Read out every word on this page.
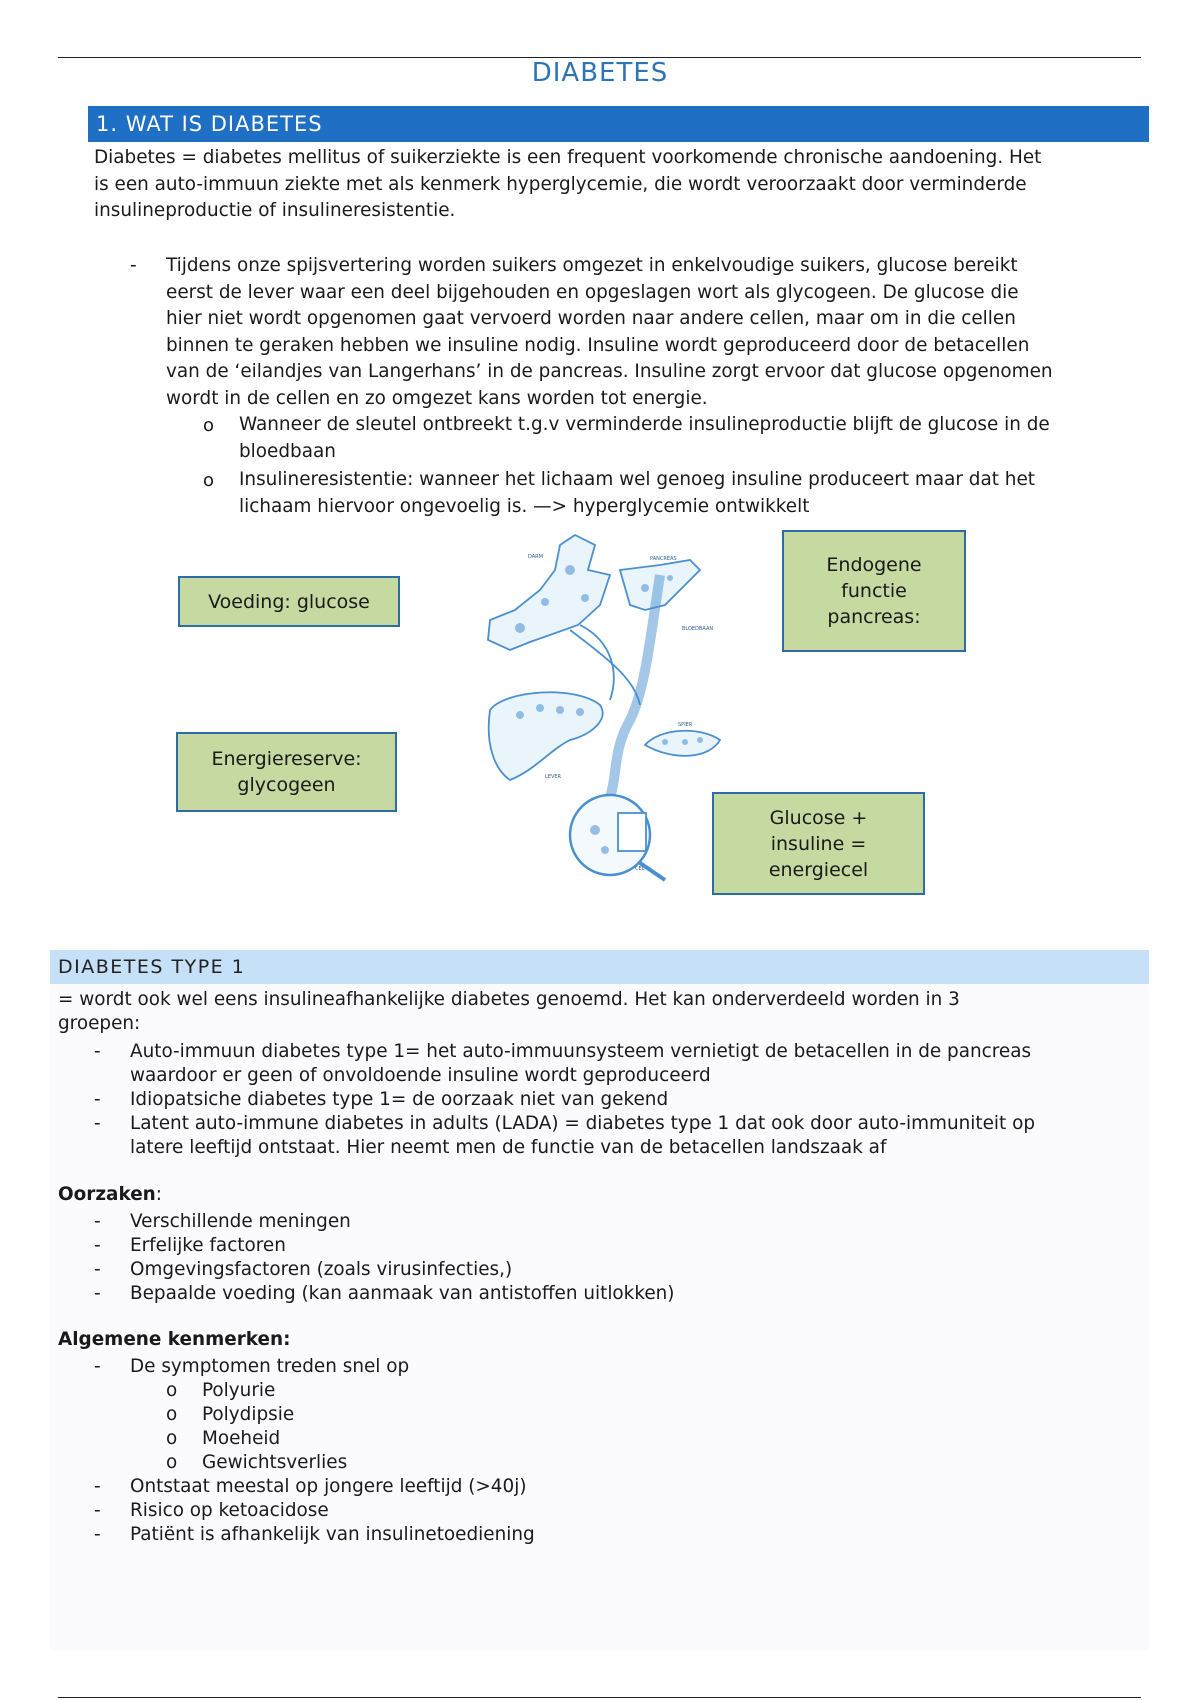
DIABETES
1. WAT IS DIABETES
Diabetes = diabetes mellitus of suikerziekte is een frequent voorkomende chronische aandoening. Het
is een auto-immuun ziekte met als kenmerk hyperglycemie, die wordt veroorzaakt door verminderde
insulineproductie of insulineresistentie.
- Tijdens onze spijsvertering worden suikers omgezet in enkelvoudige suikers, glucose bereikt
eerst de lever waar een deel bijgehouden en opgeslagen wort als glycogeen. De glucose die
hier niet wordt opgenomen gaat vervoerd worden naar andere cellen, maar om in die cellen
binnen te geraken hebben we insuline nodig. Insuline wordt geproduceerd door de betacellen
van de ‘eilandjes van Langerhans’ in de pancreas. Insuline zorgt ervoor dat glucose opgenomen
wordt in de cellen en zo omgezet kans worden tot energie.
o Wanneer de sleutel ontbreekt t.g.v verminderde insulineproductie blijft de glucose in de
bloedbaan
o Insulineresistentie: wanneer het lichaam wel genoeg insuline produceert maar dat het
lichaam hiervoor ongevoelig is. —> hyperglycemie ontwikkelt
DARM	PANCREAS
BLOEDBAAN
LEVER
SPIER
CEL
Voeding: glucose
Endogene
functie
pancreas:
Energiereserve:
glycogeen
Glucose +
insuline =
energiecel
DIABETES TYPE 1
= wordt ook wel eens insulineafhankelijke diabetes genoemd. Het kan onderverdeeld worden in 3
groepen:
- Auto-immuun diabetes type 1= het auto-immuunsysteem vernietigt de betacellen in de pancreas
waardoor er geen of onvoldoende insuline wordt geproduceerd
- Idiopatsiche diabetes type 1= de oorzaak niet van gekend
- Latent auto-immune diabetes in adults (LADA) = diabetes type 1 dat ook door auto-immuniteit op
latere leeftijd ontstaat. Hier neemt men de functie van de betacellen landszaak af
Oorzaken:
- Verschillende meningen
- Erfelijke factoren
- Omgevingsfactoren (zoals virusinfecties,)
- Bepaalde voeding (kan aanmaak van antistoffen uitlokken)
Algemene kenmerken:
- De symptomen treden snel op
o Polyurie
o Polydipsie
o Moeheid
o Gewichtsverlies
- Ontstaat meestal op jongere leeftijd (>40j)
- Risico op ketoacidose
- Patiënt is afhankelijk van insulinetoediening
